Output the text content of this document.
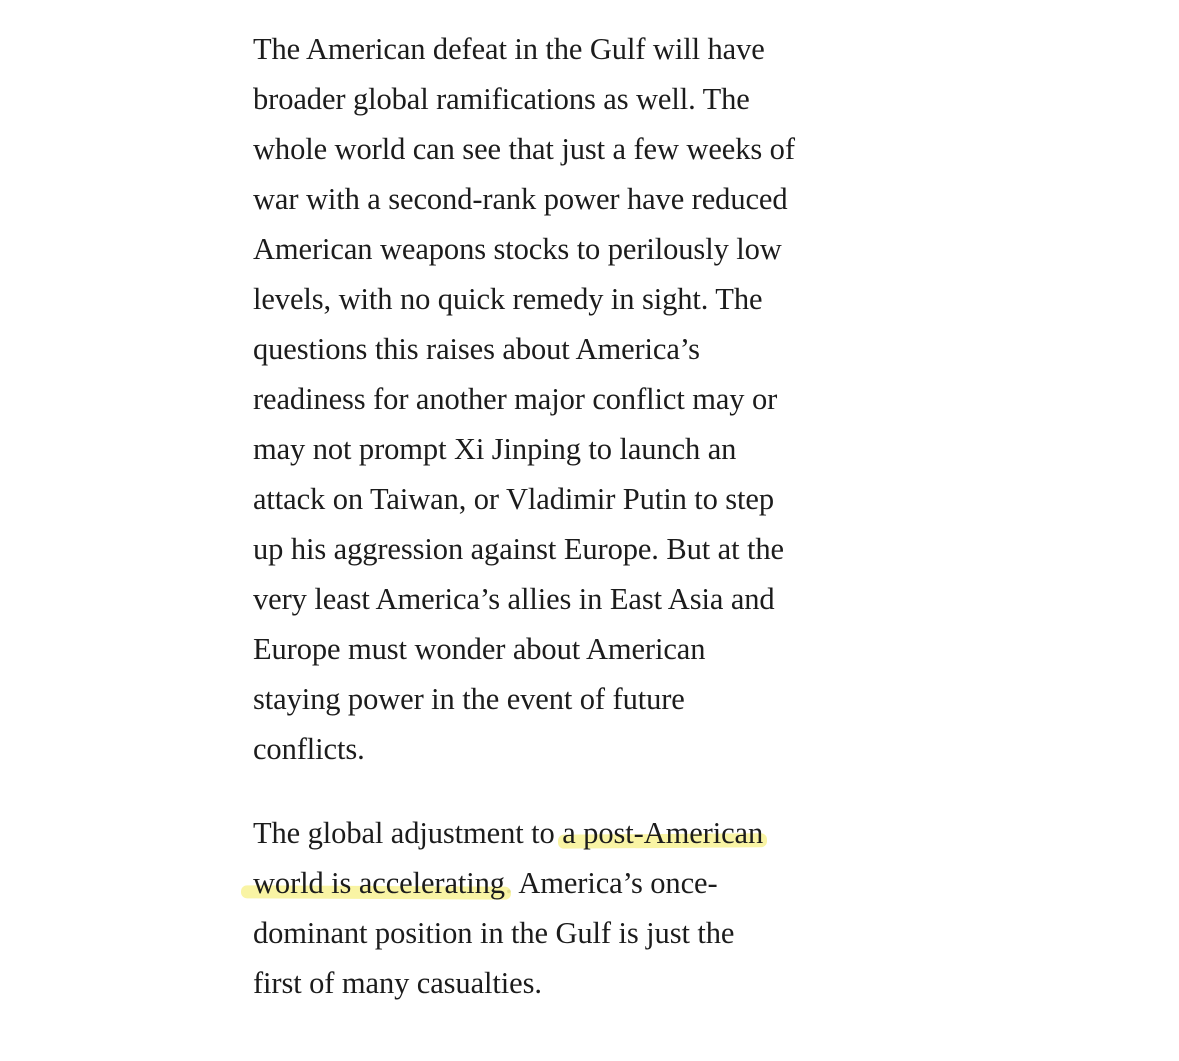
The American defeat in the Gulf will have
broader global ramifications as well. The
whole world can see that just a few weeks of
war with a second-rank power have reduced
American weapons stocks to perilously low
levels, with no quick remedy in sight. The
questions this raises about America’s
readiness for another major conflict may or
may not prompt Xi Jinping to launch an
attack on Taiwan, or Vladimir Putin to step
up his aggression against Europe. But at the
very least America’s allies in East Asia and
Europe must wonder about American
staying power in the event of future
conflicts.
The global adjustment to a post-American
world is accelerating. America’s once-
dominant position in the Gulf is just the
first of many casualties.
